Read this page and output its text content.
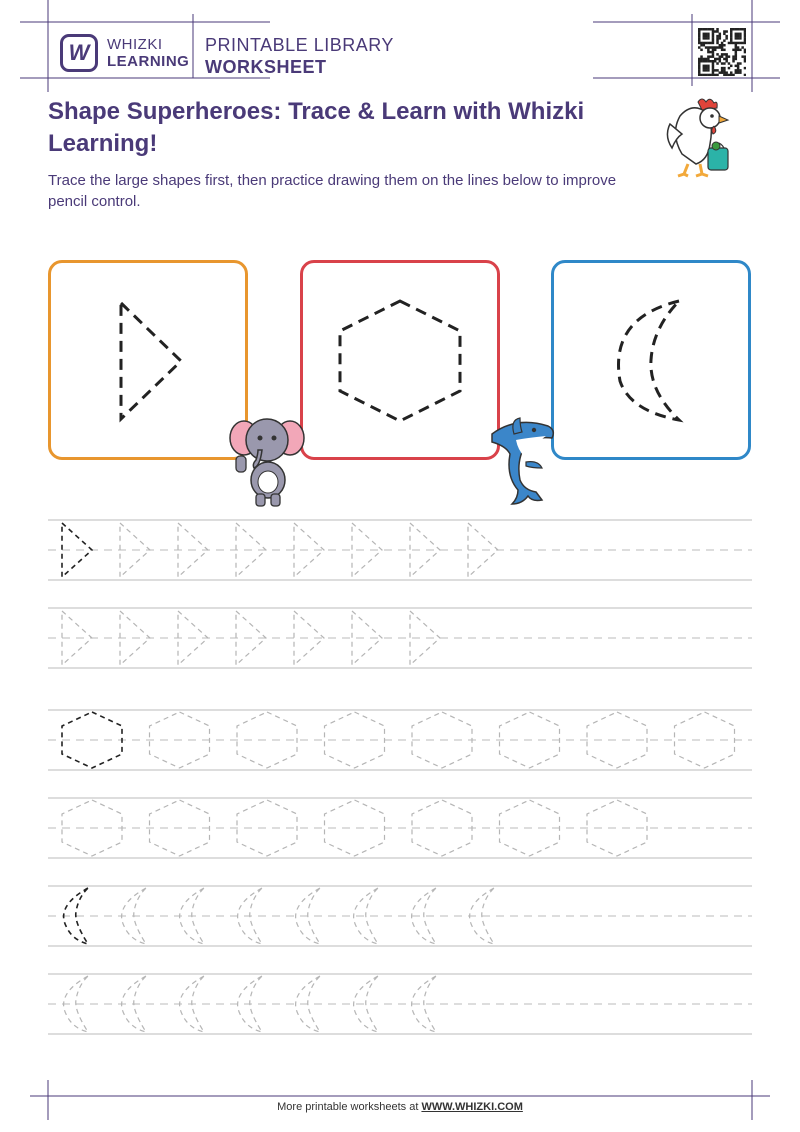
W WHIZKI
LEARNING
PRINTABLE LIBRARY
WORKSHEET
Shape Superheroes: Trace & Learn with Whizki Learning!
Trace the large shapes first, then practice drawing them on the lines below to improve pencil control.
More printable worksheets at WWW.WHIZKI.COM
